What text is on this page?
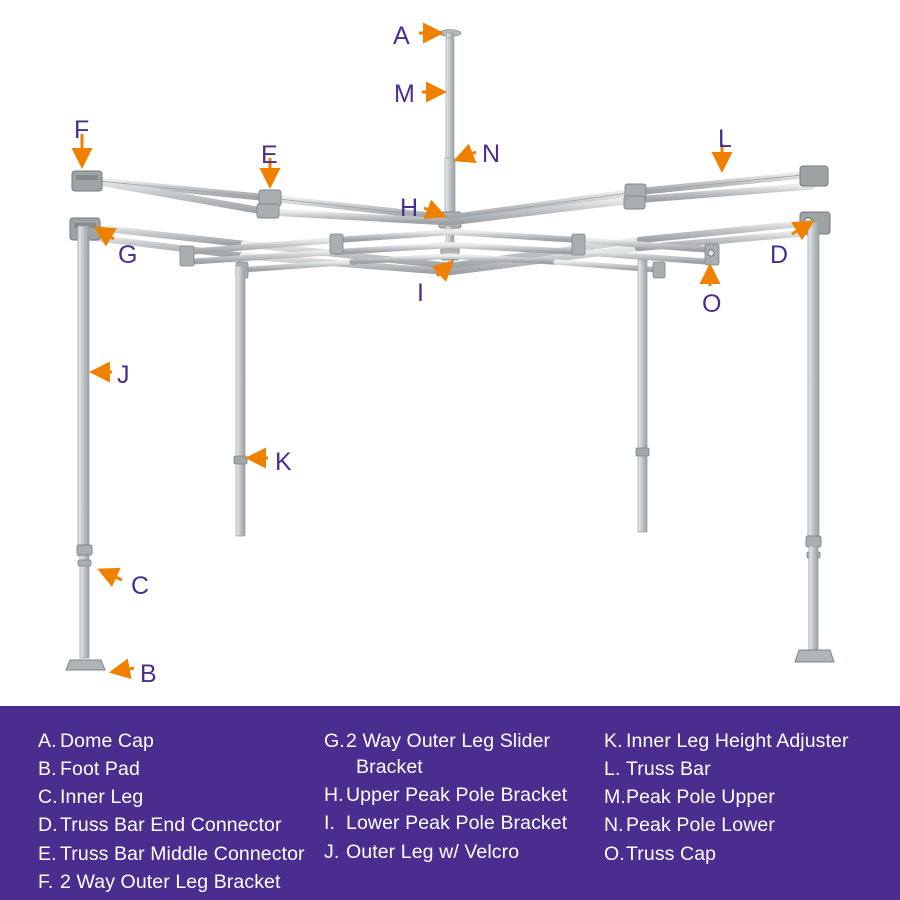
A
M
N
F
E
L
H
G	D
I	O
J
K
C
B
A. Dome Cap
B. Foot Pad
C. Inner Leg
D. Truss Bar End Connector
E. Truss Bar Middle Connector
F. 2 Way Outer Leg Bracket
G. 2 Way Outer Leg Slider
Bracket
H. Upper Peak Pole Bracket
I. Lower Peak Pole Bracket
J. Outer Leg w/ Velcro
K. Inner Leg Height Adjuster
L. Truss Bar
M. Peak Pole Upper
N. Peak Pole Lower
O. Truss Cap
